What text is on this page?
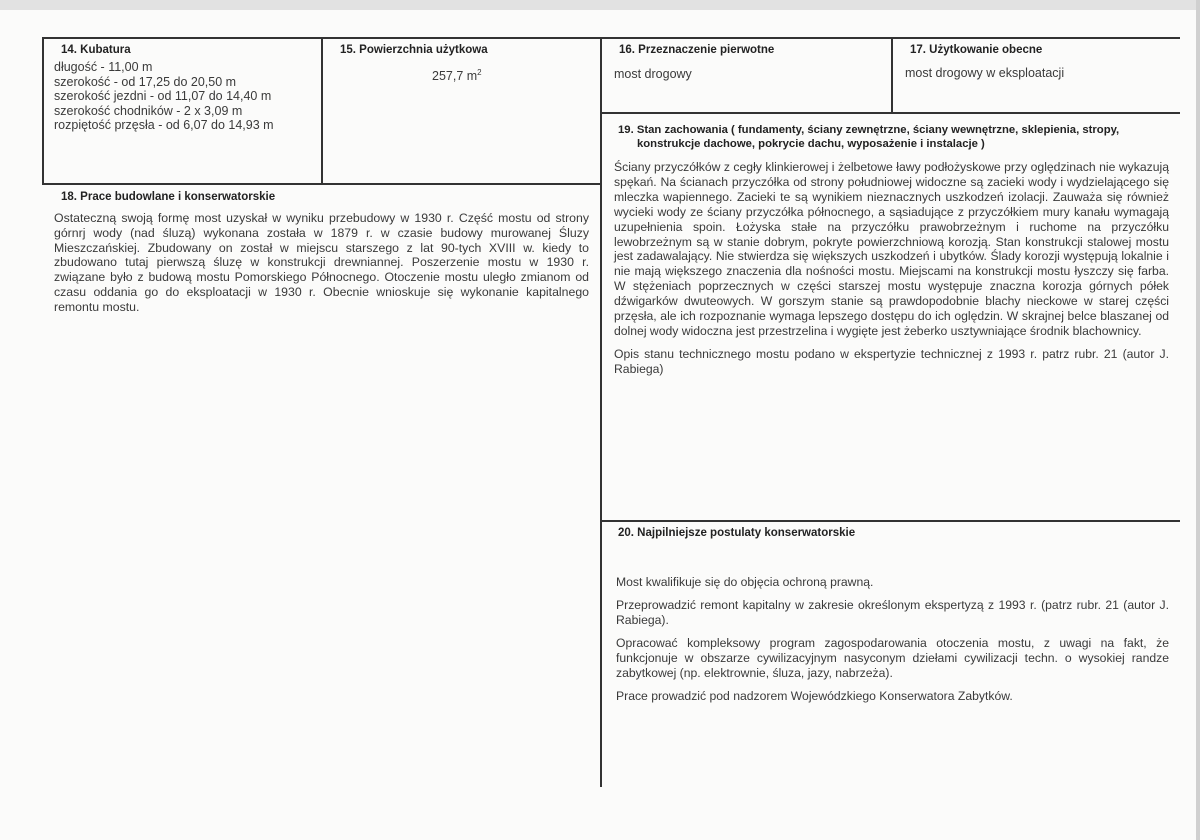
14. Kubatura
długość - 11,00 m
szerokość - od 17,25 do 20,50 m
szerokość jezdni - od 11,07 do 14,40 m
szerokość chodników - 2 x 3,09 m
rozpiętość przęsła - od 6,07 do 14,93 m
15. Powierzchnia użytkowa
257,7 $m^2$
16. Przeznaczenie pierwotne
most drogowy
17. Użytkowanie obecne
most drogowy w eksploatacji
18. Prace budowlane i konserwatorskie

Ostateczną swoją formę most uzyskał w wyniku przebudowy w 1930 r. Część mostu od strony górnrj wody (nad śluzą) wykonana została w 1879 r. w czasie budowy murowanej Śluzy Mieszczańskiej. Zbudowany on został w miejscu starszego z lat 90-tych XVIII w. kiedy to zbudowano tutaj pierwszą śluzę w konstrukcji drewniannej. Poszerzenie mostu w 1930 r. związane było z budową mostu Pomorskiego Północnego. Otoczenie mostu uległo zmianom od czasu oddania go do eksploatacji w 1930 r. Obecnie wnioskuje się wykonanie kapitalnego remontu mostu.

19. Stan zachowania ( fundamenty, ściany zewnętrzne, ściany wewnętrzne, sklepienia, stropy,
konstrukcje dachowe, pokrycie dachu, wyposażenie i instalacje )

Ściany przyczółków z cegły klinkierowej i żelbetowe ławy podłożyskowe przy oględzinach nie wykazują spękań. Na ścianach przyczółka od strony południowej widoczne są zacieki wody i wydzielającego się mleczka wapiennego. Zacieki te są wynikiem nieznacznych uszkodzeń izolacji. Zauważa się również wycieki wody ze ściany przyczółka północnego, a sąsiadujące z przyczółkiem mury kanału wymagają uzupełnienia spoin. Łożyska stałe na przyczółku prawobrzeżnym i ruchome na przyczółku lewobrzeżnym są w stanie dobrym, pokryte powierzchniową korozją. Stan konstrukcji stalowej mostu jest zadawalający. Nie stwierdza się większych uszkodzeń i ubytków. Ślady korozji występują lokalnie i nie mają większego znaczenia dla nośności mostu. Miejscami na konstrukcji mostu łyszczy się farba. W stężeniach poprzecznych w części starszej mostu występuje znaczna korozja górnych półek dźwigarków dwuteowych. W gorszym stanie są prawdopodobnie blachy nieckowe w starej części przęsła, ale ich rozpoznanie wymaga lepszego dostępu do ich oględzin. W skrajnej belce blaszanej od dolnej wody widoczna jest przestrzelina i wygięte jest żeberko usztywniające środnik blachownicy.

Opis stanu technicznego mostu podano w ekspertyzie technicznej z 1993 r. patrz rubr. 21 (autor J. Rabiega)

20. Najpilniejsze postulaty konserwatorskie

Most kwalifikuje się do objęcia ochroną prawną.

Przeprowadzić remont kapitalny w zakresie określonym ekspertyzą z 1993 r. (patrz rubr. 21 (autor J. Rabiega).

Opracować kompleksowy program zagospodarowania otoczenia mostu, z uwagi na fakt, że funkcjonuje w obszarze cywilizacyjnym nasyconym dziełami cywilizacji techn. o wysokiej randze zabytkowej (np. elektrownie, śluza, jazy, nabrzeża).

Prace prowadzić pod nadzorem Wojewódzkiego Konserwatora Zabytków.
